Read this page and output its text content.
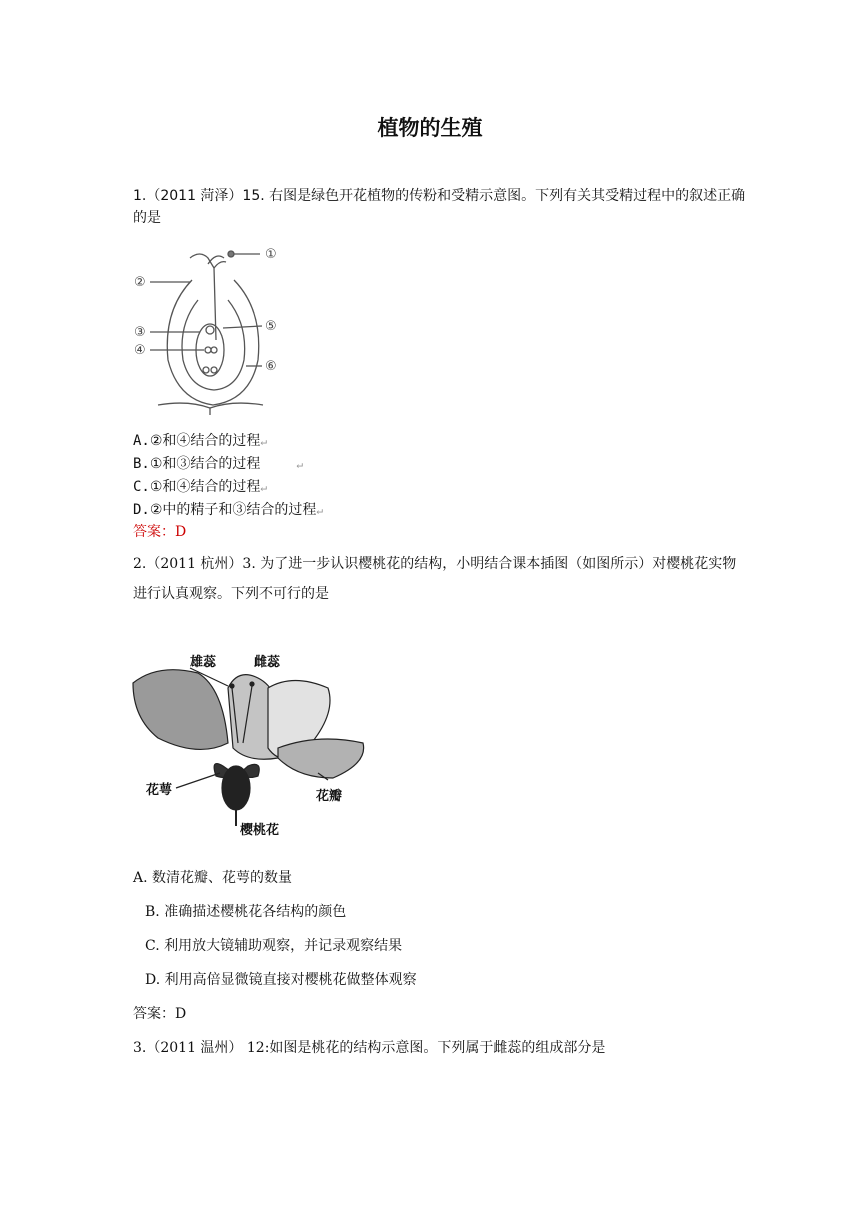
植物的生殖
1.（2011 菏泽）15. 右图是绿色开花植物的传粉和受精示意图。下列有关其受精过程中的叙述正确的是
①
②
③
④
⑤
⑥
A.②和④结合的过程↵
B.①和③结合的过程	↵
C.①和④结合的过程↵
D.②中的精子和③结合的过程↵
答案：D
2.（2011 杭州）3. 为了进一步认识樱桃花的结构，小明结合课本插图（如图所示）对樱桃花实物进行认真观察。下列不可行的是
雄蕊	雌蕊
花萼	花瓣
樱桃花
A. 数清花瓣、花萼的数量
B. 准确描述樱桃花各结构的颜色
C. 利用放大镜辅助观察，并记录观察结果
D. 利用高倍显微镜直接对樱桃花做整体观察
答案：D
3.（2011 温州） 12:如图是桃花的结构示意图。下列属于雌蕊的组成部分是
